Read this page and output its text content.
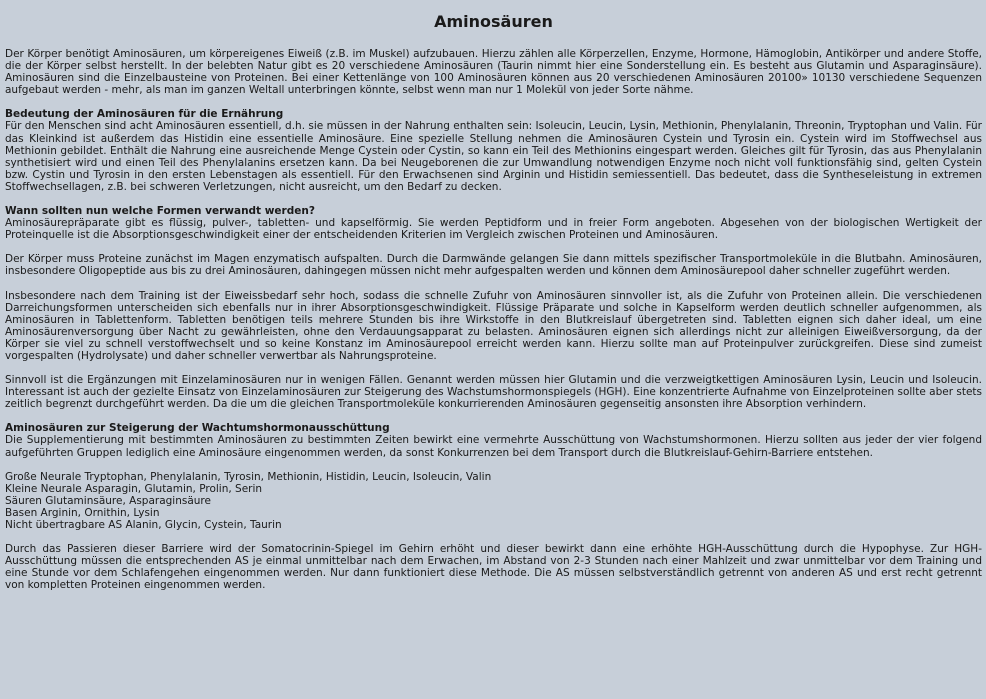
Aminosäuren

Der Körper benötigt Aminosäuren, um körpereigenes Eiweiß (z.B. im Muskel) aufzubauen. Hierzu zählen alle Körperzellen, Enzyme, Hormone, Hämoglobin, Antikörper und andere Stoffe, die der Körper selbst herstellt. In der belebten Natur gibt es 20 verschiedene Aminosäuren (Taurin nimmt hier eine Sonderstellung ein. Es besteht aus Glutamin und Asparaginsäure). Aminosäuren sind die Einzelbausteine von Proteinen. Bei einer Kettenlänge von 100 Aminosäuren können aus 20 verschiedenen Aminosäuren 20100» 10130 verschiedene Sequenzen aufgebaut werden - mehr, als man im ganzen Weltall unterbringen könnte, selbst wenn man nur 1 Molekül von jeder Sorte nähme.

Bedeutung der Aminosäuren für die Ernährung

Für den Menschen sind acht Aminosäuren essentiell, d.h. sie müssen in der Nahrung enthalten sein: Isoleucin, Leucin, Lysin, Methionin, Phenylalanin, Threonin, Tryptophan und Valin. Für das Kleinkind ist außerdem das Histidin eine essentielle Aminosäure. Eine spezielle Stellung nehmen die Aminosäuren Cystein und Tyrosin ein. Cystein wird im Stoffwechsel aus Methionin gebildet. Enthält die Nahrung eine ausreichende Menge Cystein oder Cystin, so kann ein Teil des Methionins eingespart werden. Gleiches gilt für Tyrosin, das aus Phenylalanin synthetisiert wird und einen Teil des Phenylalanins ersetzen kann. Da bei Neugeborenen die zur Umwandlung notwendigen Enzyme noch nicht voll funktionsfähig sind, gelten Cystein bzw. Cystin und Tyrosin in den ersten Lebenstagen als essentiell. Für den Erwachsenen sind Arginin und Histidin semiessentiell. Das bedeutet, dass die Syntheseleistung in extremen Stoffwechsellagen, z.B. bei schweren Verletzungen, nicht ausreicht, um den Bedarf zu decken.

Wann sollten nun welche Formen verwandt werden?

Aminosäurepräparate gibt es flüssig, pulver-, tabletten- und kapselförmig. Sie werden Peptidform und in freier Form angeboten. Abgesehen von der biologischen Wertigkeit der Proteinquelle ist die Absorptionsgeschwindigkeit einer der entscheidenden Kriterien im Vergleich zwischen Proteinen und Aminosäuren.

Der Körper muss Proteine zunächst im Magen enzymatisch aufspalten. Durch die Darmwände gelangen Sie dann mittels spezifischer Transportmoleküle in die Blutbahn. Aminosäuren, insbesondere Oligopeptide aus bis zu drei Aminosäuren, dahingegen müssen nicht mehr aufgespalten werden und können dem Aminosäurepool daher schneller zugeführt werden.

Insbesondere nach dem Training ist der Eiweissbedarf sehr hoch, sodass die schnelle Zufuhr von Aminosäuren sinnvoller ist, als die Zufuhr von Proteinen allein. Die verschiedenen Darreichungsformen unterscheiden sich ebenfalls nur in ihrer Absorptionsgeschwindigkeit. Flüssige Präparate und solche in Kapselform werden deutlich schneller aufgenommen, als Aminosäuren in Tablettenform. Tabletten benötigen teils mehrere Stunden bis ihre Wirkstoffe in den Blutkreislauf übergetreten sind. Tabletten eignen sich daher ideal, um eine Aminosäurenversorgung über Nacht zu gewährleisten, ohne den Verdauungsapparat zu belasten. Aminosäuren eignen sich allerdings nicht zur alleinigen Eiweißversorgung, da der Körper sie viel zu schnell verstoffwechselt und so keine Konstanz im Aminosäurepool erreicht werden kann. Hierzu sollte man auf Proteinpulver zurückgreifen. Diese sind zumeist vorgespalten (Hydrolysate) und daher schneller verwertbar als Nahrungsproteine.

Sinnvoll ist die Ergänzungen mit Einzelaminosäuren nur in wenigen Fällen. Genannt werden müssen hier Glutamin und die verzweigtkettigen Aminosäuren Lysin, Leucin und Isoleucin. Interessant ist auch der gezielte Einsatz von Einzelaminosäuren zur Steigerung des Wachstumshormonspiegels (HGH). Eine konzentrierte Aufnahme von Einzelproteinen sollte aber stets zeitlich begrenzt durchgeführt werden. Da die um die gleichen Transportmoleküle konkurrierenden Aminosäuren gegenseitig ansonsten ihre Absorption verhindern.

Aminosäuren zur Steigerung der Wachtumshormonausschüttung

Die Supplementierung mit bestimmten Aminosäuren zu bestimmten Zeiten bewirkt eine vermehrte Ausschüttung von Wachstumshormonen. Hierzu sollten aus jeder der vier folgend aufgeführten Gruppen lediglich eine Aminosäure eingenommen werden, da sonst Konkurrenzen bei dem Transport durch die Blutkreislauf-Gehirn-Barriere entstehen.

Große Neurale Tryptophan, Phenylalanin, Tyrosin, Methionin, Histidin, Leucin, Isoleucin, Valin
Kleine Neurale Asparagin, Glutamin, Prolin, Serin
Säuren Glutaminsäure, Asparaginsäure
Basen Arginin, Ornithin, Lysin
Nicht übertragbare AS Alanin, Glycin, Cystein, Taurin

Durch das Passieren dieser Barriere wird der Somatocrinin-Spiegel im Gehirn erhöht und dieser bewirkt dann eine erhöhte HGH-Ausschüttung durch die Hypophyse. Zur HGH-Ausschüttung müssen die entsprechenden AS je einmal unmittelbar nach dem Erwachen, im Abstand von 2-3 Stunden nach einer Mahlzeit und zwar unmittelbar vor dem Training und eine Stunde vor dem Schlafengehen eingenommen werden. Nur dann funktioniert diese Methode. Die AS müssen selbstverständlich getrennt von anderen AS und erst recht getrennt von kompletten Proteinen eingenommen werden.
